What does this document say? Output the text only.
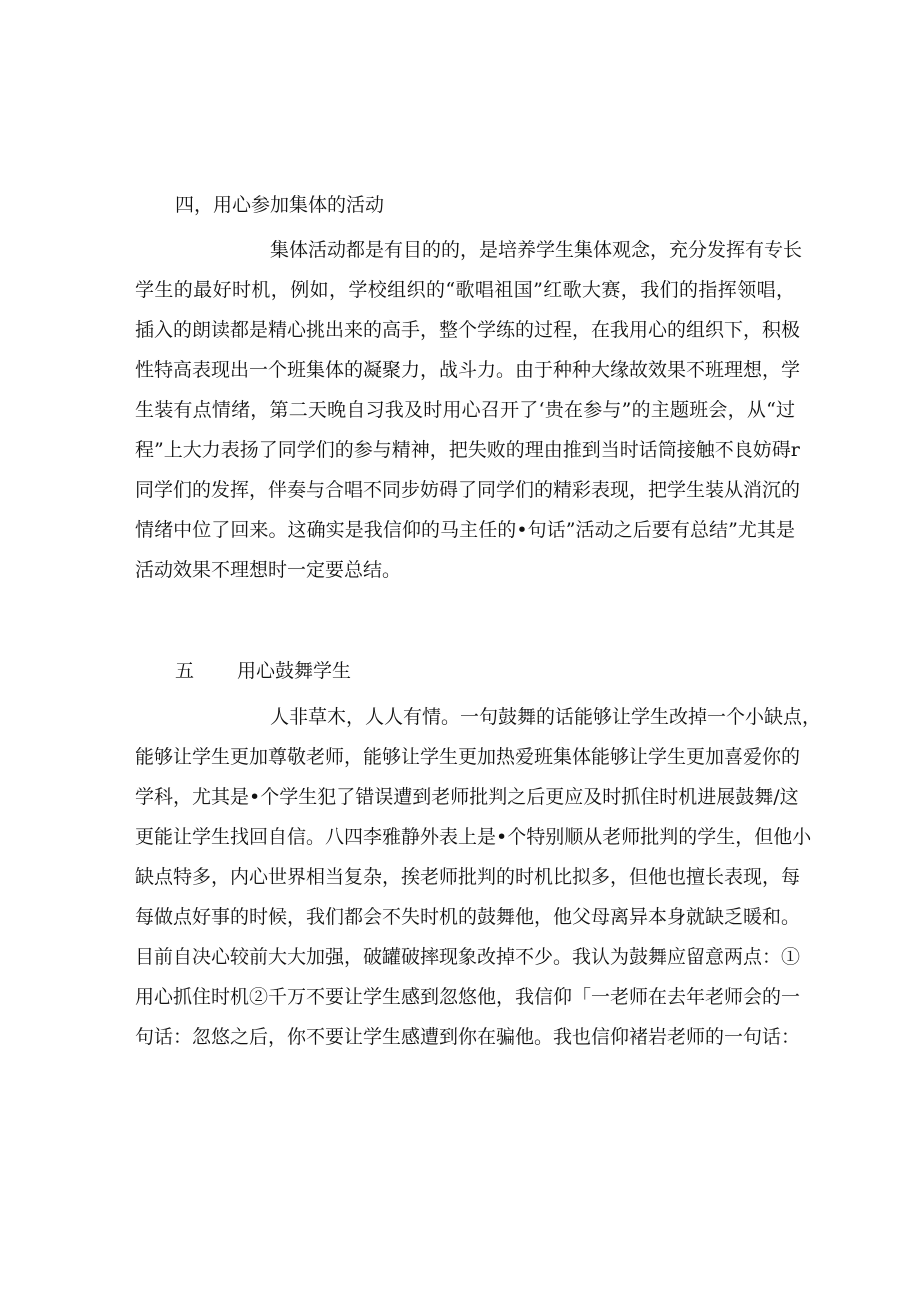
四，用心参加集体的活动
集体活动都是有目的的，是培养学生集体观念，充分发挥有专长
学生的最好时机，例如，学校组织的“歌唱祖国”红歌大赛，我们的指挥领唱，
插入的朗读都是精心挑出来的高手，整个学练的过程，在我用心的组织下，积极
性特高表现出一个班集体的凝聚力，战斗力。由于种种大缘故效果不班理想，学
生装有点情绪，第二天晚自习我及时用心召开了‘贵在参与”的主题班会，从“过
程”上大力表扬了同学们的参与精神，把失败的理由推到当时话筒接触不良妨碍r
同学们的发挥，伴奏与合唱不同步妨碍了同学们的精彩表现，把学生装从消沉的
情绪中位了回来。这确实是我信仰的马主任的•句话”活动之后要有总结”尤其是
活动效果不理想时一定要总结。
五 用心鼓舞学生
人非草木，人人有情。一句鼓舞的话能够让学生改掉一个小缺点，
能够让学生更加尊敬老师，能够让学生更加热爱班集体能够让学生更加喜爱你的
学科，尤其是•个学生犯了错误遭到老师批判之后更应及时抓住时机进展鼓舞/这
更能让学生找回自信。八四李雅静外表上是•个特别顺从老师批判的学生，但他小
缺点特多，内心世界相当复杂，挨老师批判的时机比拟多，但他也擅长表现，每
每做点好事的时候，我们都会不失时机的鼓舞他，他父母离异本身就缺乏暖和。
目前自决心较前大大加强，破罐破摔现象改掉不少。我认为鼓舞应留意两点：①
用心抓住时机②千万不要让学生感到忽悠他，我信仰「一老师在去年老师会的一
句话：忽悠之后，你不要让学生感遭到你在骗他。我也信仰褚岩老师的一句话：
